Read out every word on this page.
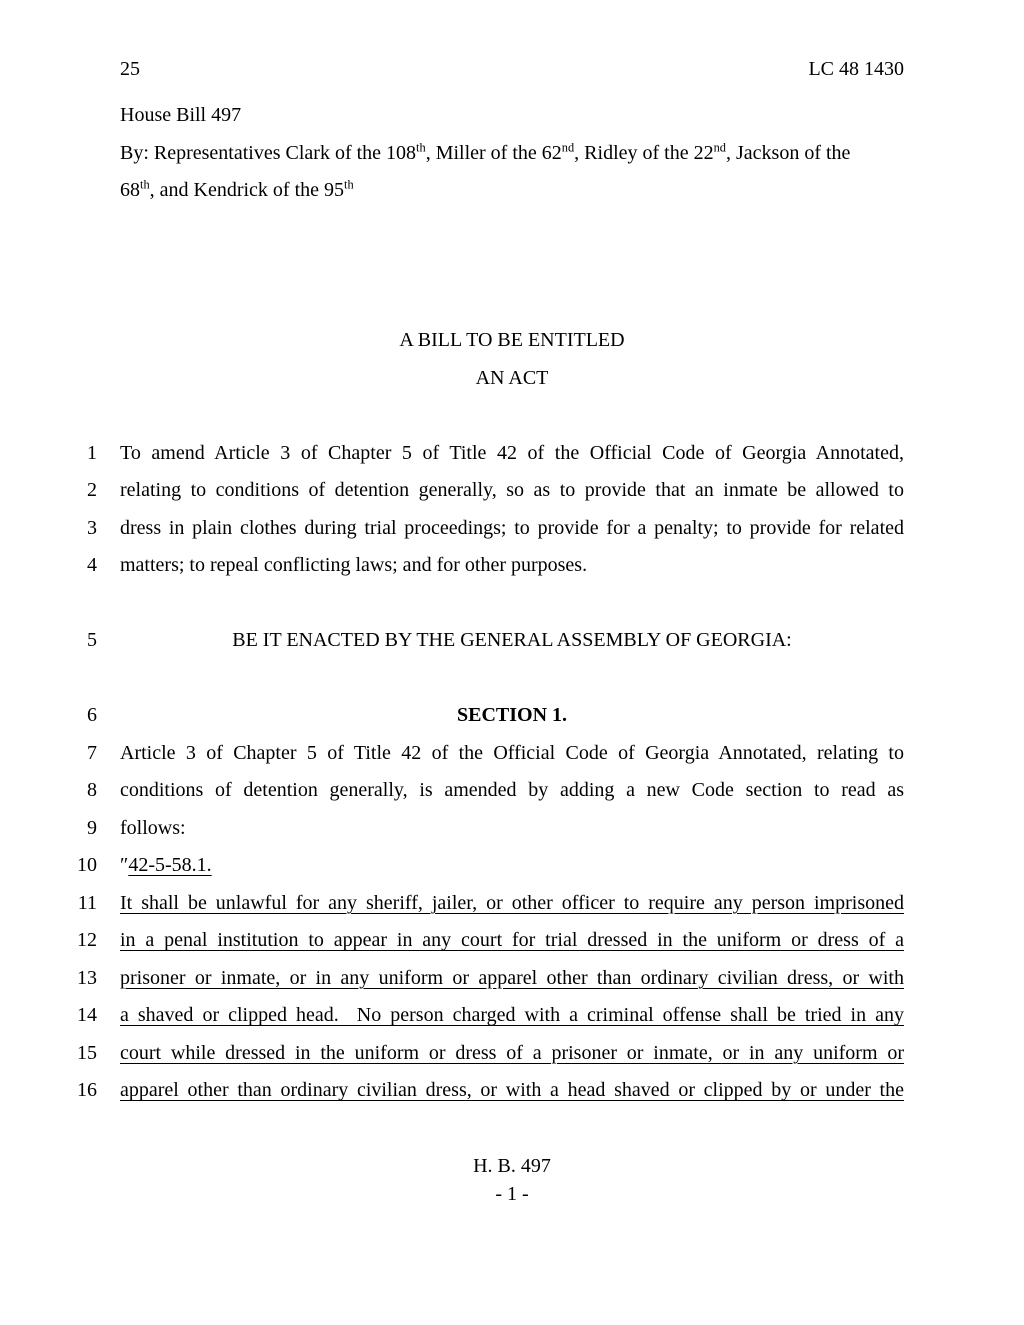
25	LC 48 1430
House Bill 497
By: Representatives Clark of the 108th, Miller of the 62nd, Ridley of the 22nd, Jackson of the
68th, and Kendrick of the 95th
A BILL TO BE ENTITLED
AN ACT
1 To amend Article 3 of Chapter 5 of Title 42 of the Official Code of Georgia Annotated,
2 relating to conditions of detention generally, so as to provide that an inmate be allowed to
3 dress in plain clothes during trial proceedings; to provide for a penalty; to provide for related
4 matters; to repeal conflicting laws; and for other purposes.
5	BE IT ENACTED BY THE GENERAL ASSEMBLY OF GEORGIA:
6	SECTION 1.
7 Article 3 of Chapter 5 of Title 42 of the Official Code of Georgia Annotated, relating to
8 conditions of detention generally, is amended by adding a new Code section to read as
9 follows:
10 ″42-5-58.1.
11 It shall be unlawful for any sheriff, jailer, or other officer to require any person imprisoned
12 in a penal institution to appear in any court for trial dressed in the uniform or dress of a
13 prisoner or inmate, or in any uniform or apparel other than ordinary civilian dress, or with
14 a shaved or clipped head.  No person charged with a criminal offense shall be tried in any
15 court while dressed in the uniform or dress of a prisoner or inmate, or in any uniform or
16 apparel other than ordinary civilian dress, or with a head shaved or clipped by or under the
H. B. 497
- 1 -
